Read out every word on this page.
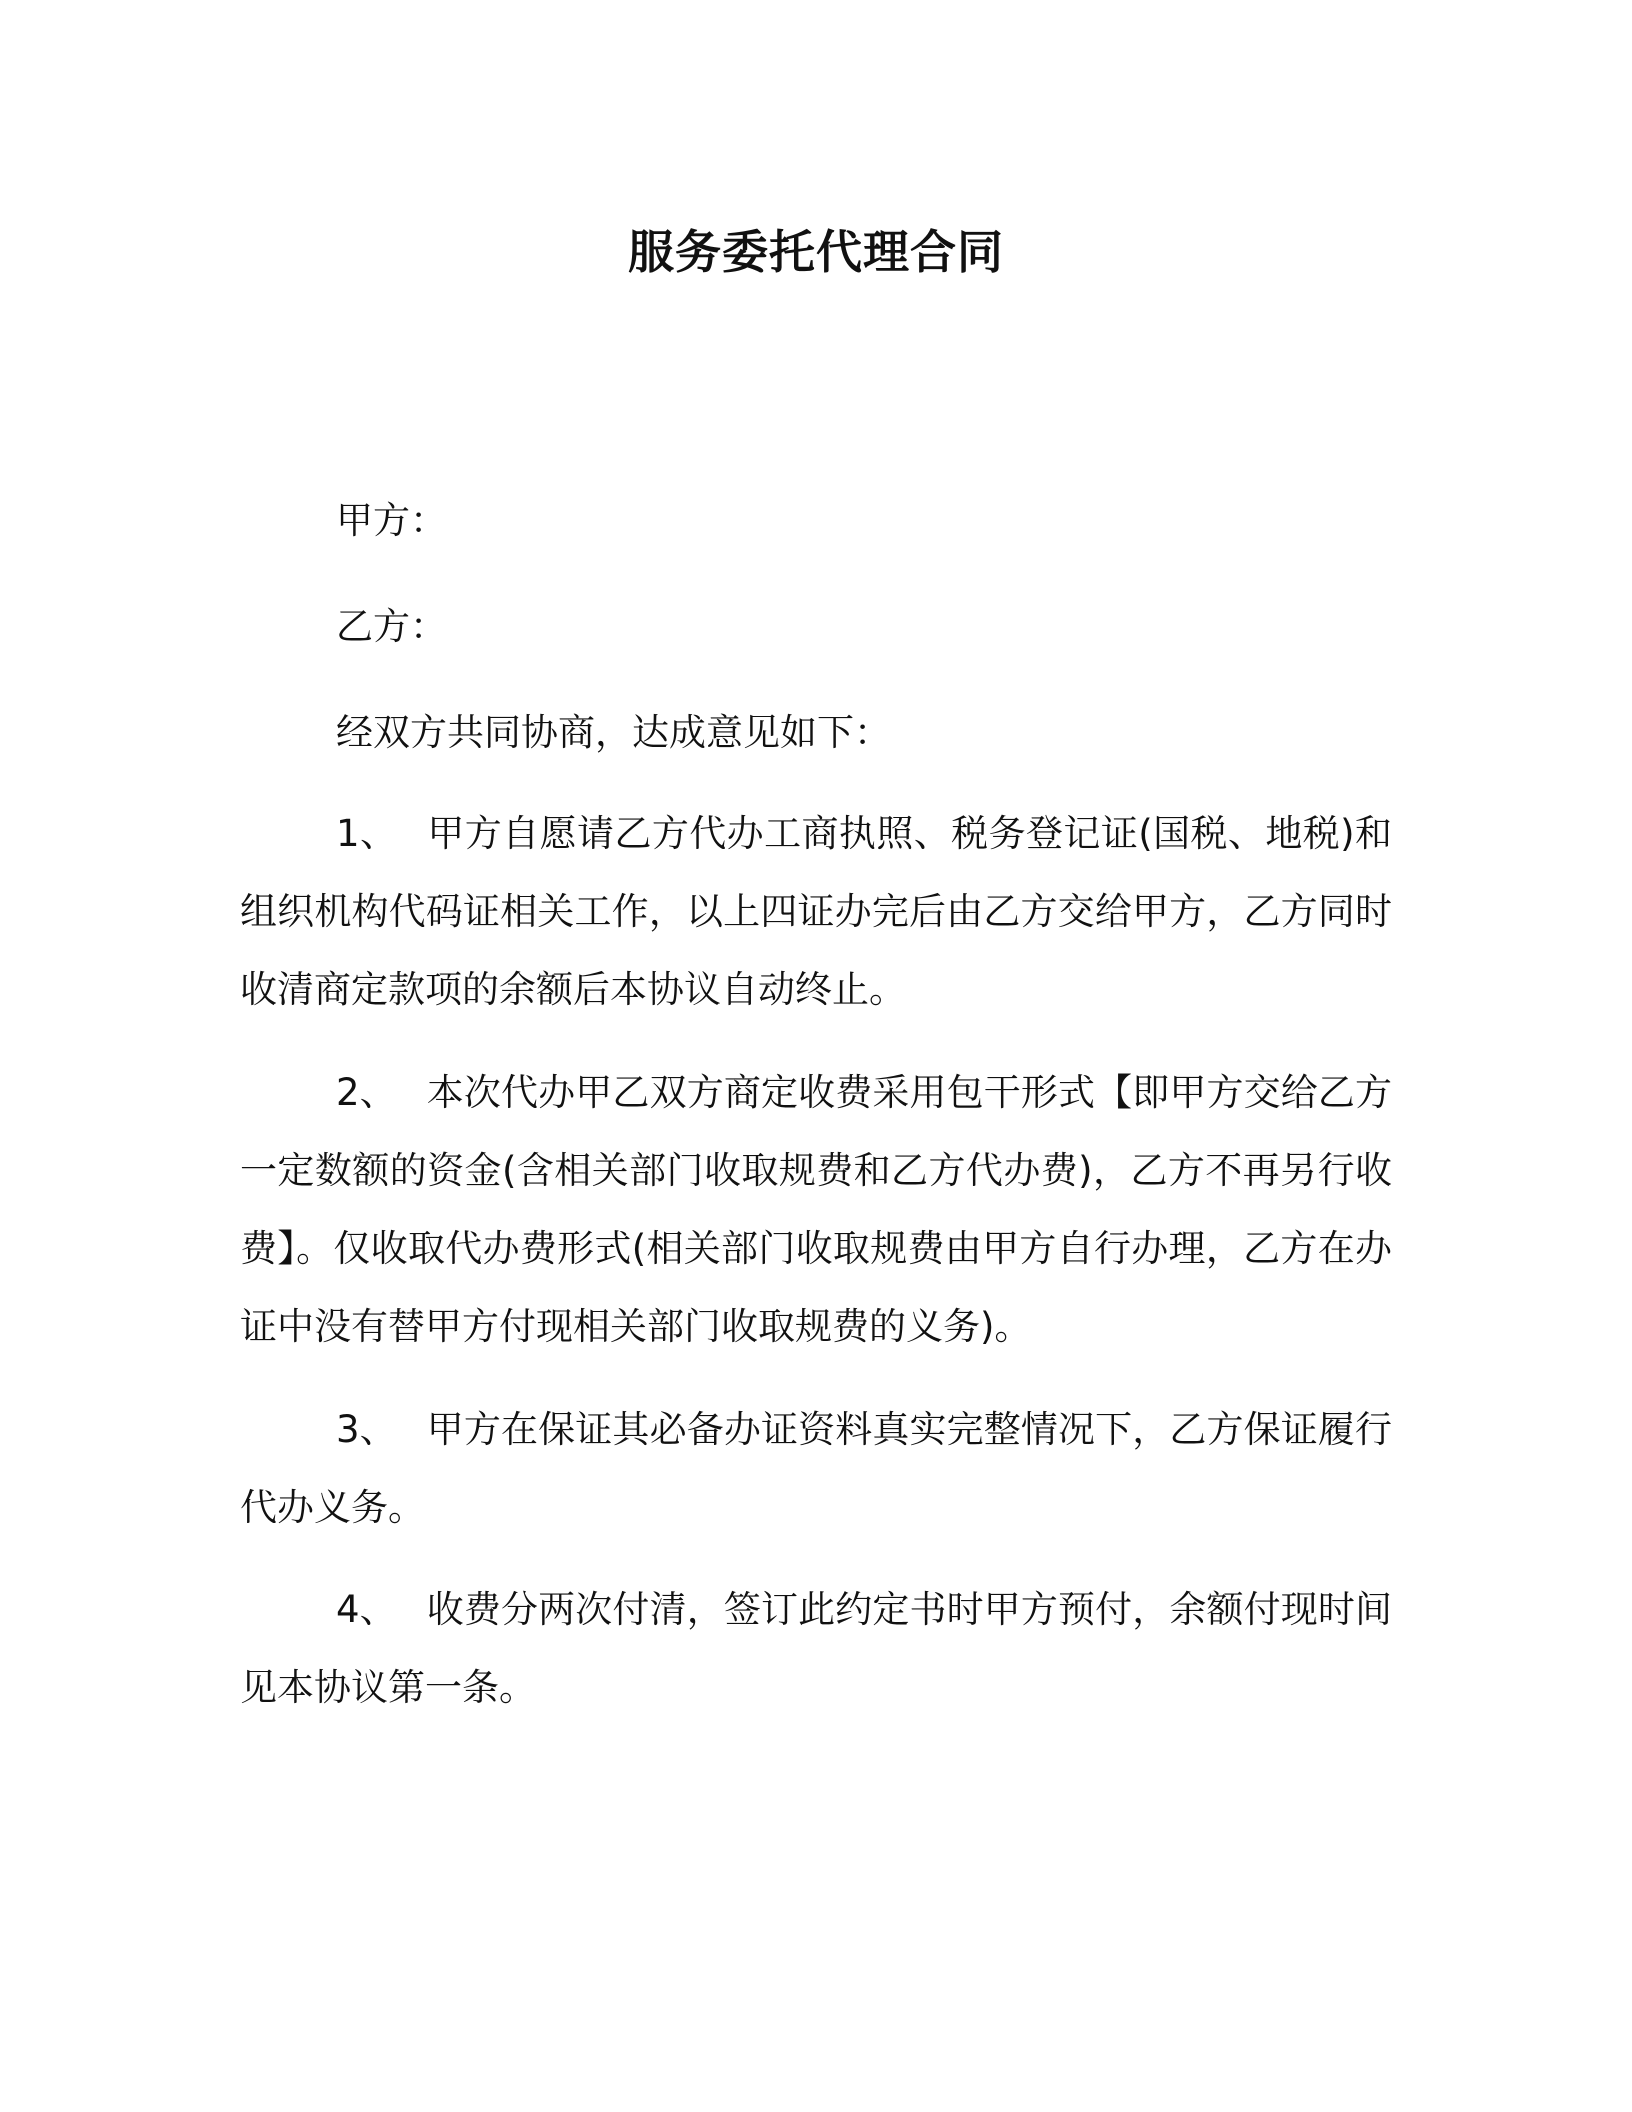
服务委托代理合同
甲方：
乙方：
经双方共同协商，达成意见如下：

1、 甲方自愿请乙方代办工商执照、税务登记证(国税、地税)和组织机构代码证相关工作，以上四证办完后由乙方交给甲方，乙方同时收清商定款项的余额后本协议自动终止。

2、 本次代办甲乙双方商定收费采用包干形式【即甲方交给乙方一定数额的资金(含相关部门收取规费和乙方代办费)，乙方不再另行收费】。仅收取代办费形式(相关部门收取规费由甲方自行办理，乙方在办证中没有替甲方付现相关部门收取规费的义务)。

3、 甲方在保证其必备办证资料真实完整情况下，乙方保证履行代办义务。

4、 收费分两次付清，签订此约定书时甲方预付，余额付现时间见本协议第一条。
